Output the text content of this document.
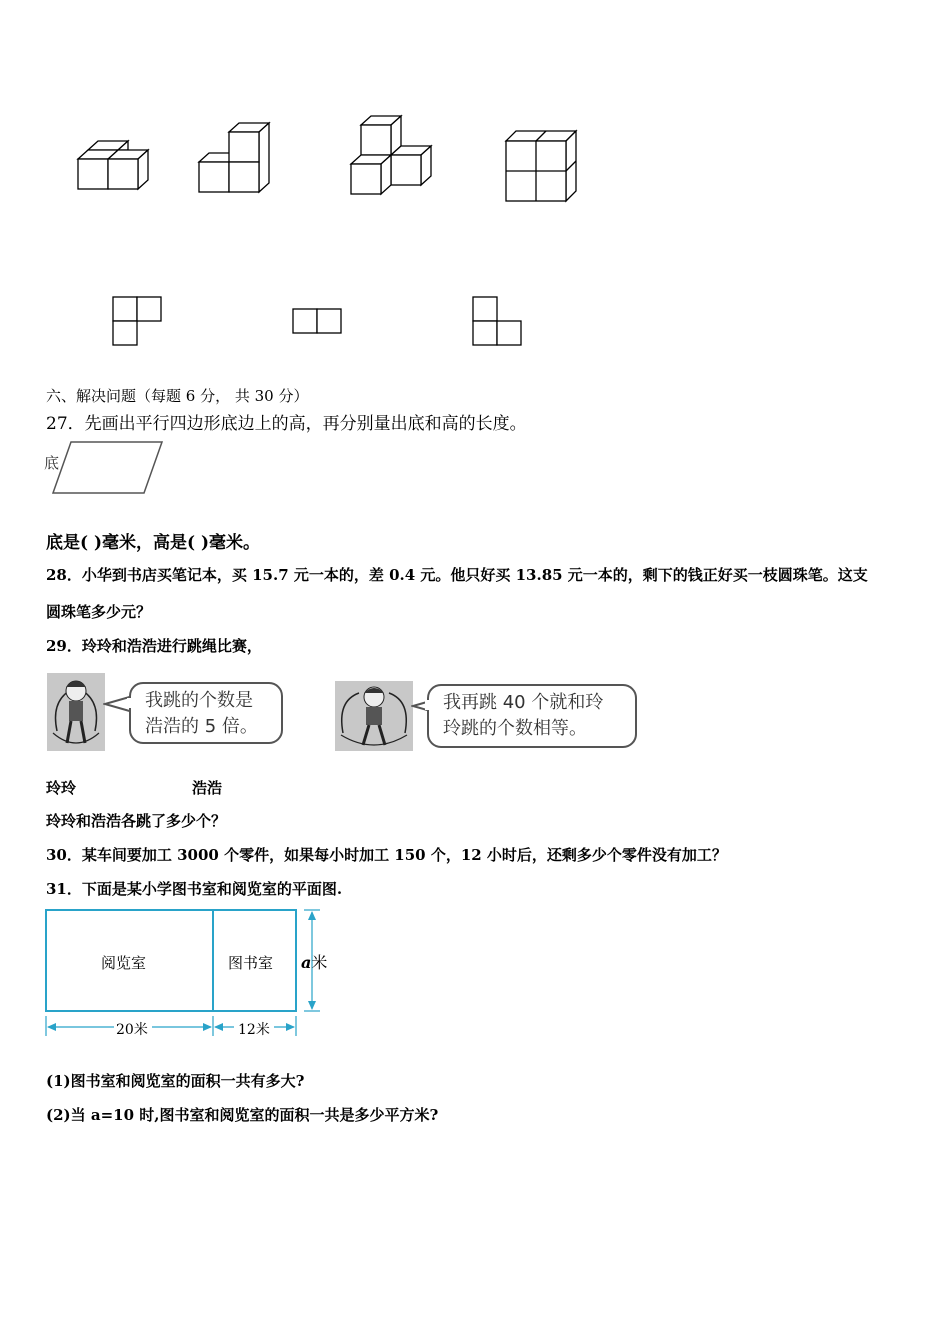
六、解决问题（每题 6 分， 共 30 分）
27．先画出平行四边形底边上的高，再分别量出底和高的长度。
底
底是( )毫米，高是( )毫米。
28．小华到书店买笔记本，买 15.7 元一本的，差 0.4 元。他只好买 13.85 元一本的，剩下的钱正好买一枝圆珠笔。这支
圆珠笔多少元？
29．玲玲和浩浩进行跳绳比赛，
我跳的个数是
浩浩的 5 倍。
我再跳 40 个就和玲
玲跳的个数相等。
玲玲	浩浩
玲玲和浩浩各跳了多少个？
30．某车间要加工 3000 个零件，如果每小时加工 150 个，12 小时后，还剩多少个零件没有加工？
31．下面是某小学图书室和阅览室的平面图.
阅览室	图书室 a米
20米	12米
(1)图书室和阅览室的面积一共有多大?
(2)当 a=10 时,图书室和阅览室的面积一共是多少平方米?
